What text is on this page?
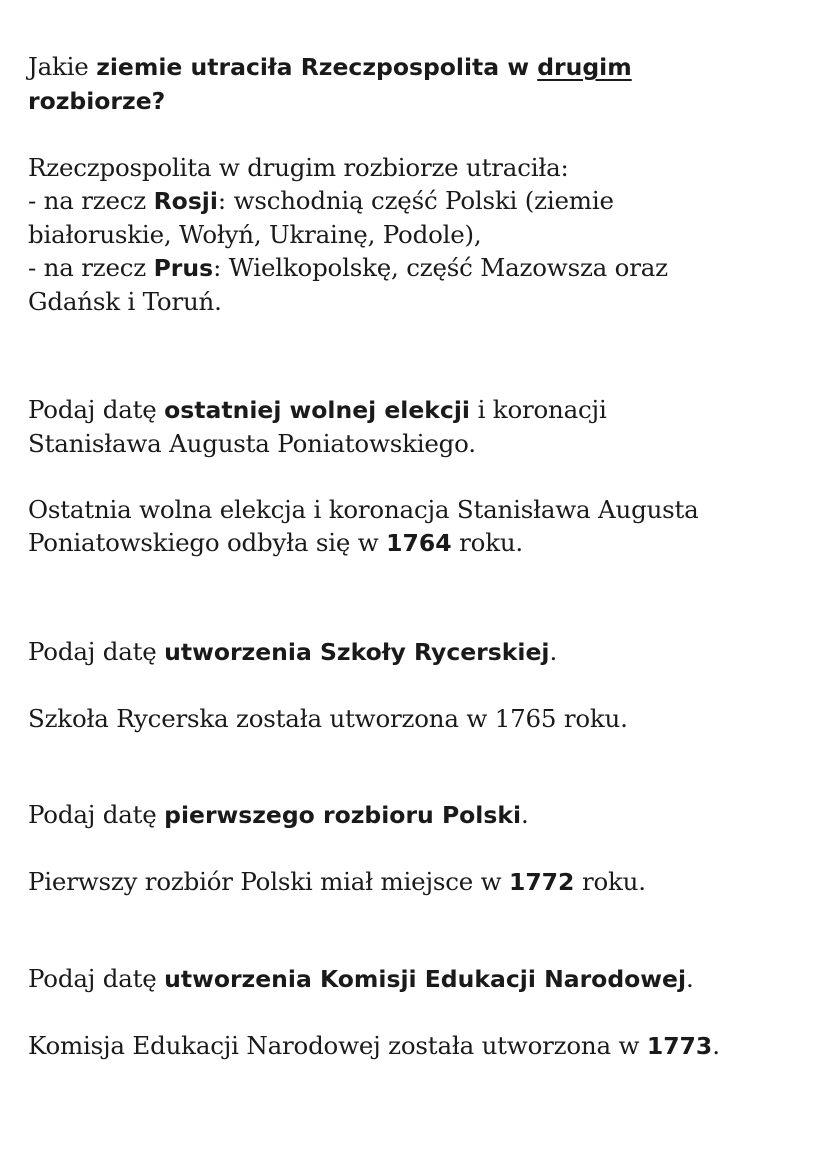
Jakie ziemie utraciła Rzeczpospolita w drugim
rozbiorze?

Rzeczpospolita w drugim rozbiorze utraciła:
- na rzecz Rosji: wschodnią część Polski (ziemie
białoruskie, Wołyń, Ukrainę, Podole),
- na rzecz Prus: Wielkopolskę, część Mazowsza oraz
Gdańsk i Toruń.

Podaj datę ostatniej wolnej elekcji i koronacji
Stanisława Augusta Poniatowskiego.

Ostatnia wolna elekcja i koronacja Stanisława Augusta
Poniatowskiego odbyła się w 1764 roku.

Podaj datę utworzenia Szkoły Rycerskiej.

Szkoła Rycerska została utworzona w 1765 roku.

Podaj datę pierwszego rozbioru Polski.

Pierwszy rozbiór Polski miał miejsce w 1772 roku.

Podaj datę utworzenia Komisji Edukacji Narodowej.

Komisja Edukacji Narodowej została utworzona w 1773.
